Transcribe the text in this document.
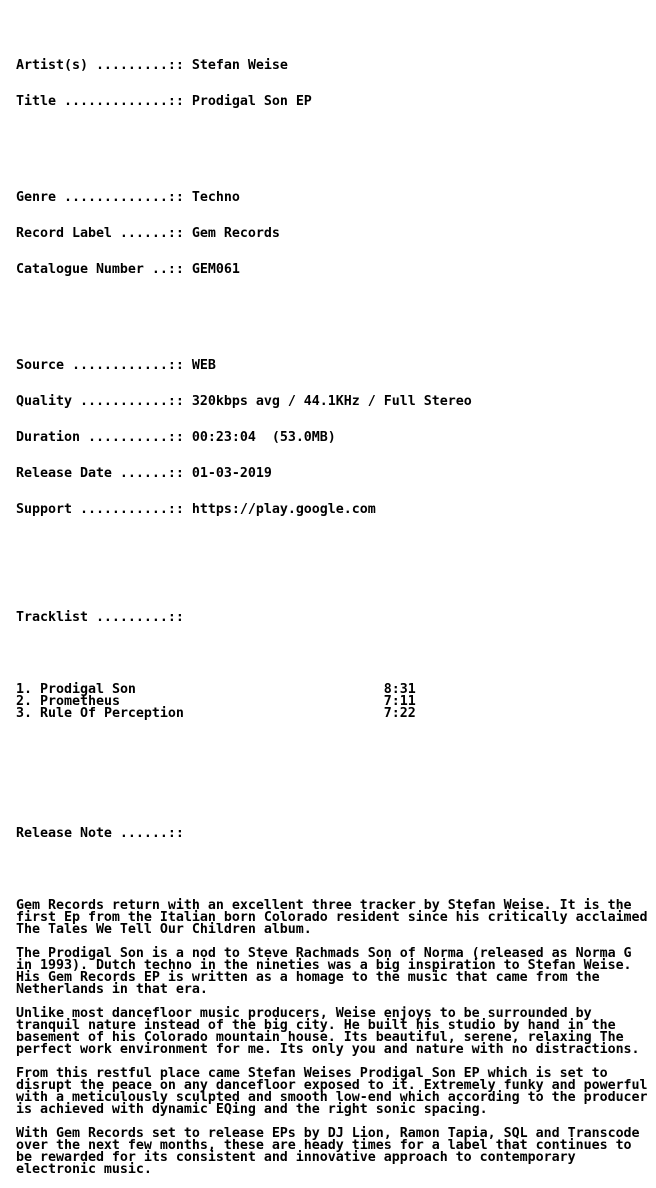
Artist(s) .........:: Stefan Weise

Title .............:: Prodigal Son EP

Genre .............:: Techno

Record Label ......:: Gem Records

Catalogue Number ..:: GEM061

Source ............:: WEB

Quality ...........:: 320kbps avg / 44.1KHz / Full Stereo

Duration ..........:: 00:23:04  (53.0MB)

Release Date ......:: 01-03-2019

Support ...........:: https://play.google.com

Tracklist .........::

1. Prodigal Son	8:31
2. Prometheus	7:11
3. Rule Of Perception	7:22

Release Note ......::

Gem Records return with an excellent three tracker by Stefan Weise. It is the
first Ep from the Italian born Colorado resident since his critically acclaimed
The Tales We Tell Our Children album.
The Prodigal Son is a nod to Steve Rachmads Son of Norma (released as Norma G
in 1993). Dutch techno in the nineties was a big inspiration to Stefan Weise.
His Gem Records EP is written as a homage to the music that came from the
Netherlands in that era.
Unlike most dancefloor music producers, Weise enjoys to be surrounded by
tranquil nature instead of the big city. He built his studio by hand in the
basement of his Colorado mountain house. Its beautiful, serene, relaxing The
perfect work environment for me. Its only you and nature with no distractions.
From this restful place came Stefan Weises Prodigal Son EP which is set to
disrupt the peace on any dancefloor exposed to it. Extremely funky and powerful
with a meticulously sculpted and smooth low-end which according to the producer
is achieved with dynamic EQing and the right sonic spacing.
With Gem Records set to release EPs by DJ Lion, Ramon Tapia, SQL and Transcode
over the next few months, these are heady times for a label that continues to
be rewarded for its consistent and innovative approach to contemporary
electronic music.
